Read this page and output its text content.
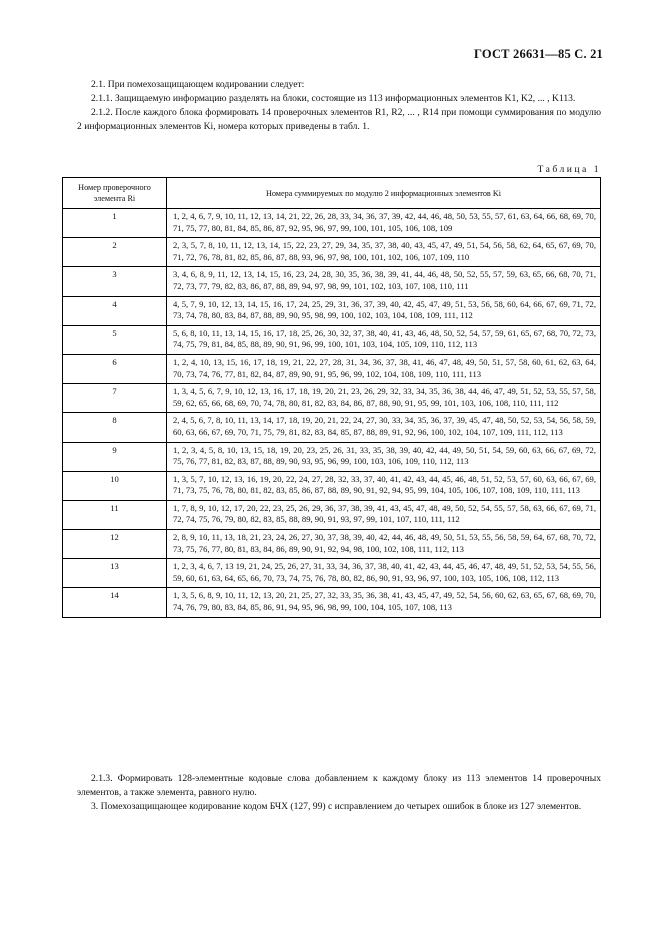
ГОСТ 26631—85 С. 21

2.1. При помехозащищающем кодировании следует:

2.1.1. Защищаемую информацию разделять на блоки, состоящие из 113 информационных элементов K1, K2, ... , K113.

2.1.2. После каждого блока формировать 14 проверочных элементов R1, R2, ... , R14 при помощи суммирования по модулю 2 информационных элементов Ki, номера которых приведены в табл. 1.

Таблица 1
Номер проверочного элемента Ri	Номера суммируемых по модулю 2 информационных элементов Ki
1	1, 2, 4, 6, 7, 9, 10, 11, 12, 13, 14, 21, 22, 26, 28, 33, 34, 36, 37, 39, 42, 44, 46, 48, 50, 53, 55, 57, 61, 63, 64, 66, 68, 69, 70, 71, 75, 77, 80, 81, 84, 85, 86, 87, 92, 95, 96, 97, 99, 100, 101, 105, 106, 108, 109
2	2, 3, 5, 7, 8, 10, 11, 12, 13, 14, 15, 22, 23, 27, 29, 34, 35, 37, 38, 40, 43, 45, 47, 49, 51, 54, 56, 58, 62, 64, 65, 67, 69, 70, 71, 72, 76, 78, 81, 82, 85, 86, 87, 88, 93, 96, 97, 98, 100, 101, 102, 106, 107, 109, 110
3	3, 4, 6, 8, 9, 11, 12, 13, 14, 15, 16, 23, 24, 28, 30, 35, 36, 38, 39, 41, 44, 46, 48, 50, 52, 55, 57, 59, 63, 65, 66, 68, 70, 71, 72, 73, 77, 79, 82, 83, 86, 87, 88, 89, 94, 97, 98, 99, 101, 102, 103, 107, 108, 110, 111
4	4, 5, 7, 9, 10, 12, 13, 14, 15, 16, 17, 24, 25, 29, 31, 36, 37, 39, 40, 42, 45, 47, 49, 51, 53, 56, 58, 60, 64, 66, 67, 69, 71, 72, 73, 74, 78, 80, 83, 84, 87, 88, 89, 90, 95, 98, 99, 100, 102, 103, 104, 108, 109, 111, 112
5	5, 6, 8, 10, 11, 13, 14, 15, 16, 17, 18, 25, 26, 30, 32, 37, 38, 40, 41, 43, 46, 48, 50, 52, 54, 57, 59, 61, 65, 67, 68, 70, 72, 73, 74, 75, 79, 81, 84, 85, 88, 89, 90, 91, 96, 99, 100, 101, 103, 104, 105, 109, 110, 112, 113
6	1, 2, 4, 10, 13, 15, 16, 17, 18, 19, 21, 22, 27, 28, 31, 34, 36, 37, 38, 41, 46, 47, 48, 49, 50, 51, 57, 58, 60, 61, 62, 63, 64, 70, 73, 74, 76, 77, 81, 82, 84, 87, 89, 90, 91, 95, 96, 99, 102, 104, 108, 109, 110, 111, 113
7	1, 3, 4, 5, 6, 7, 9, 10, 12, 13, 16, 17, 18, 19, 20, 21, 23, 26, 29, 32, 33, 34, 35, 36, 38, 44, 46, 47, 49, 51, 52, 53, 55, 57, 58, 59, 62, 65, 66, 68, 69, 70, 74, 78, 80, 81, 82, 83, 84, 86, 87, 88, 90, 91, 95, 99, 101, 103, 106, 108, 110, 111, 112
8	2, 4, 5, 6, 7, 8, 10, 11, 13, 14, 17, 18, 19, 20, 21, 22, 24, 27, 30, 33, 34, 35, 36, 37, 39, 45, 47, 48, 50, 52, 53, 54, 56, 58, 59, 60, 63, 66, 67, 69, 70, 71, 75, 79, 81, 82, 83, 84, 85, 87, 88, 89, 91, 92, 96, 100, 102, 104, 107, 109, 111, 112, 113
9	1, 2, 3, 4, 5, 8, 10, 13, 15, 18, 19, 20, 23, 25, 26, 31, 33, 35, 38, 39, 40, 42, 44, 49, 50, 51, 54, 59, 60, 63, 66, 67, 69, 72, 75, 76, 77, 81, 82, 83, 87, 88, 89, 90, 93, 95, 96, 99, 100, 103, 106, 109, 110, 112, 113
10	1, 3, 5, 7, 10, 12, 13, 16, 19, 20, 22, 24, 27, 28, 32, 33, 37, 40, 41, 42, 43, 44, 45, 46, 48, 51, 52, 53, 57, 60, 63, 66, 67, 69, 71, 73, 75, 76, 78, 80, 81, 82, 83, 85, 86, 87, 88, 89, 90, 91, 92, 94, 95, 99, 104, 105, 106, 107, 108, 109, 110, 111, 113
11	1, 7, 8, 9, 10, 12, 17, 20, 22, 23, 25, 26, 29, 36, 37, 38, 39, 41, 43, 45, 47, 48, 49, 50, 52, 54, 55, 57, 58, 63, 66, 67, 69, 71, 72, 74, 75, 76, 79, 80, 82, 83, 85, 88, 89, 90, 91, 93, 97, 99, 101, 107, 110, 111, 112
12	2, 8, 9, 10, 11, 13, 18, 21, 23, 24, 26, 27, 30, 37, 38, 39, 40, 42, 44, 46, 48, 49, 50, 51, 53, 55, 56, 58, 59, 64, 67, 68, 70, 72, 73, 75, 76, 77, 80, 81, 83, 84, 86, 89, 90, 91, 92, 94, 98, 100, 102, 108, 111, 112, 113
13	1, 2, 3, 4, 6, 7, 13 19, 21, 24, 25, 26, 27, 31, 33, 34, 36, 37, 38, 40, 41, 42, 43, 44, 45, 46, 47, 48, 49, 51, 52, 53, 54, 55, 56, 59, 60, 61, 63, 64, 65, 66, 70, 73, 74, 75, 76, 78, 80, 82, 86, 90, 91, 93, 96, 97, 100, 103, 105, 106, 108, 112, 113
14	1, 3, 5, 6, 8, 9, 10, 11, 12, 13, 20, 21, 25, 27, 32, 33, 35, 36, 38, 41, 43, 45, 47, 49, 52, 54, 56, 60, 62, 63, 65, 67, 68, 69, 70, 74, 76, 79, 80, 83, 84, 85, 86, 91, 94, 95, 96, 98, 99, 100, 104, 105, 107, 108, 113

2.1.3. Формировать 128-элементные кодовые слова добавлением к каждому блоку из 113 элементов 14 проверочных элементов, а также элемента, равного нулю.

3. Помехозащищающее кодирование кодом БЧХ (127, 99) с исправлением до четырех ошибок в блоке из 127 элементов.
